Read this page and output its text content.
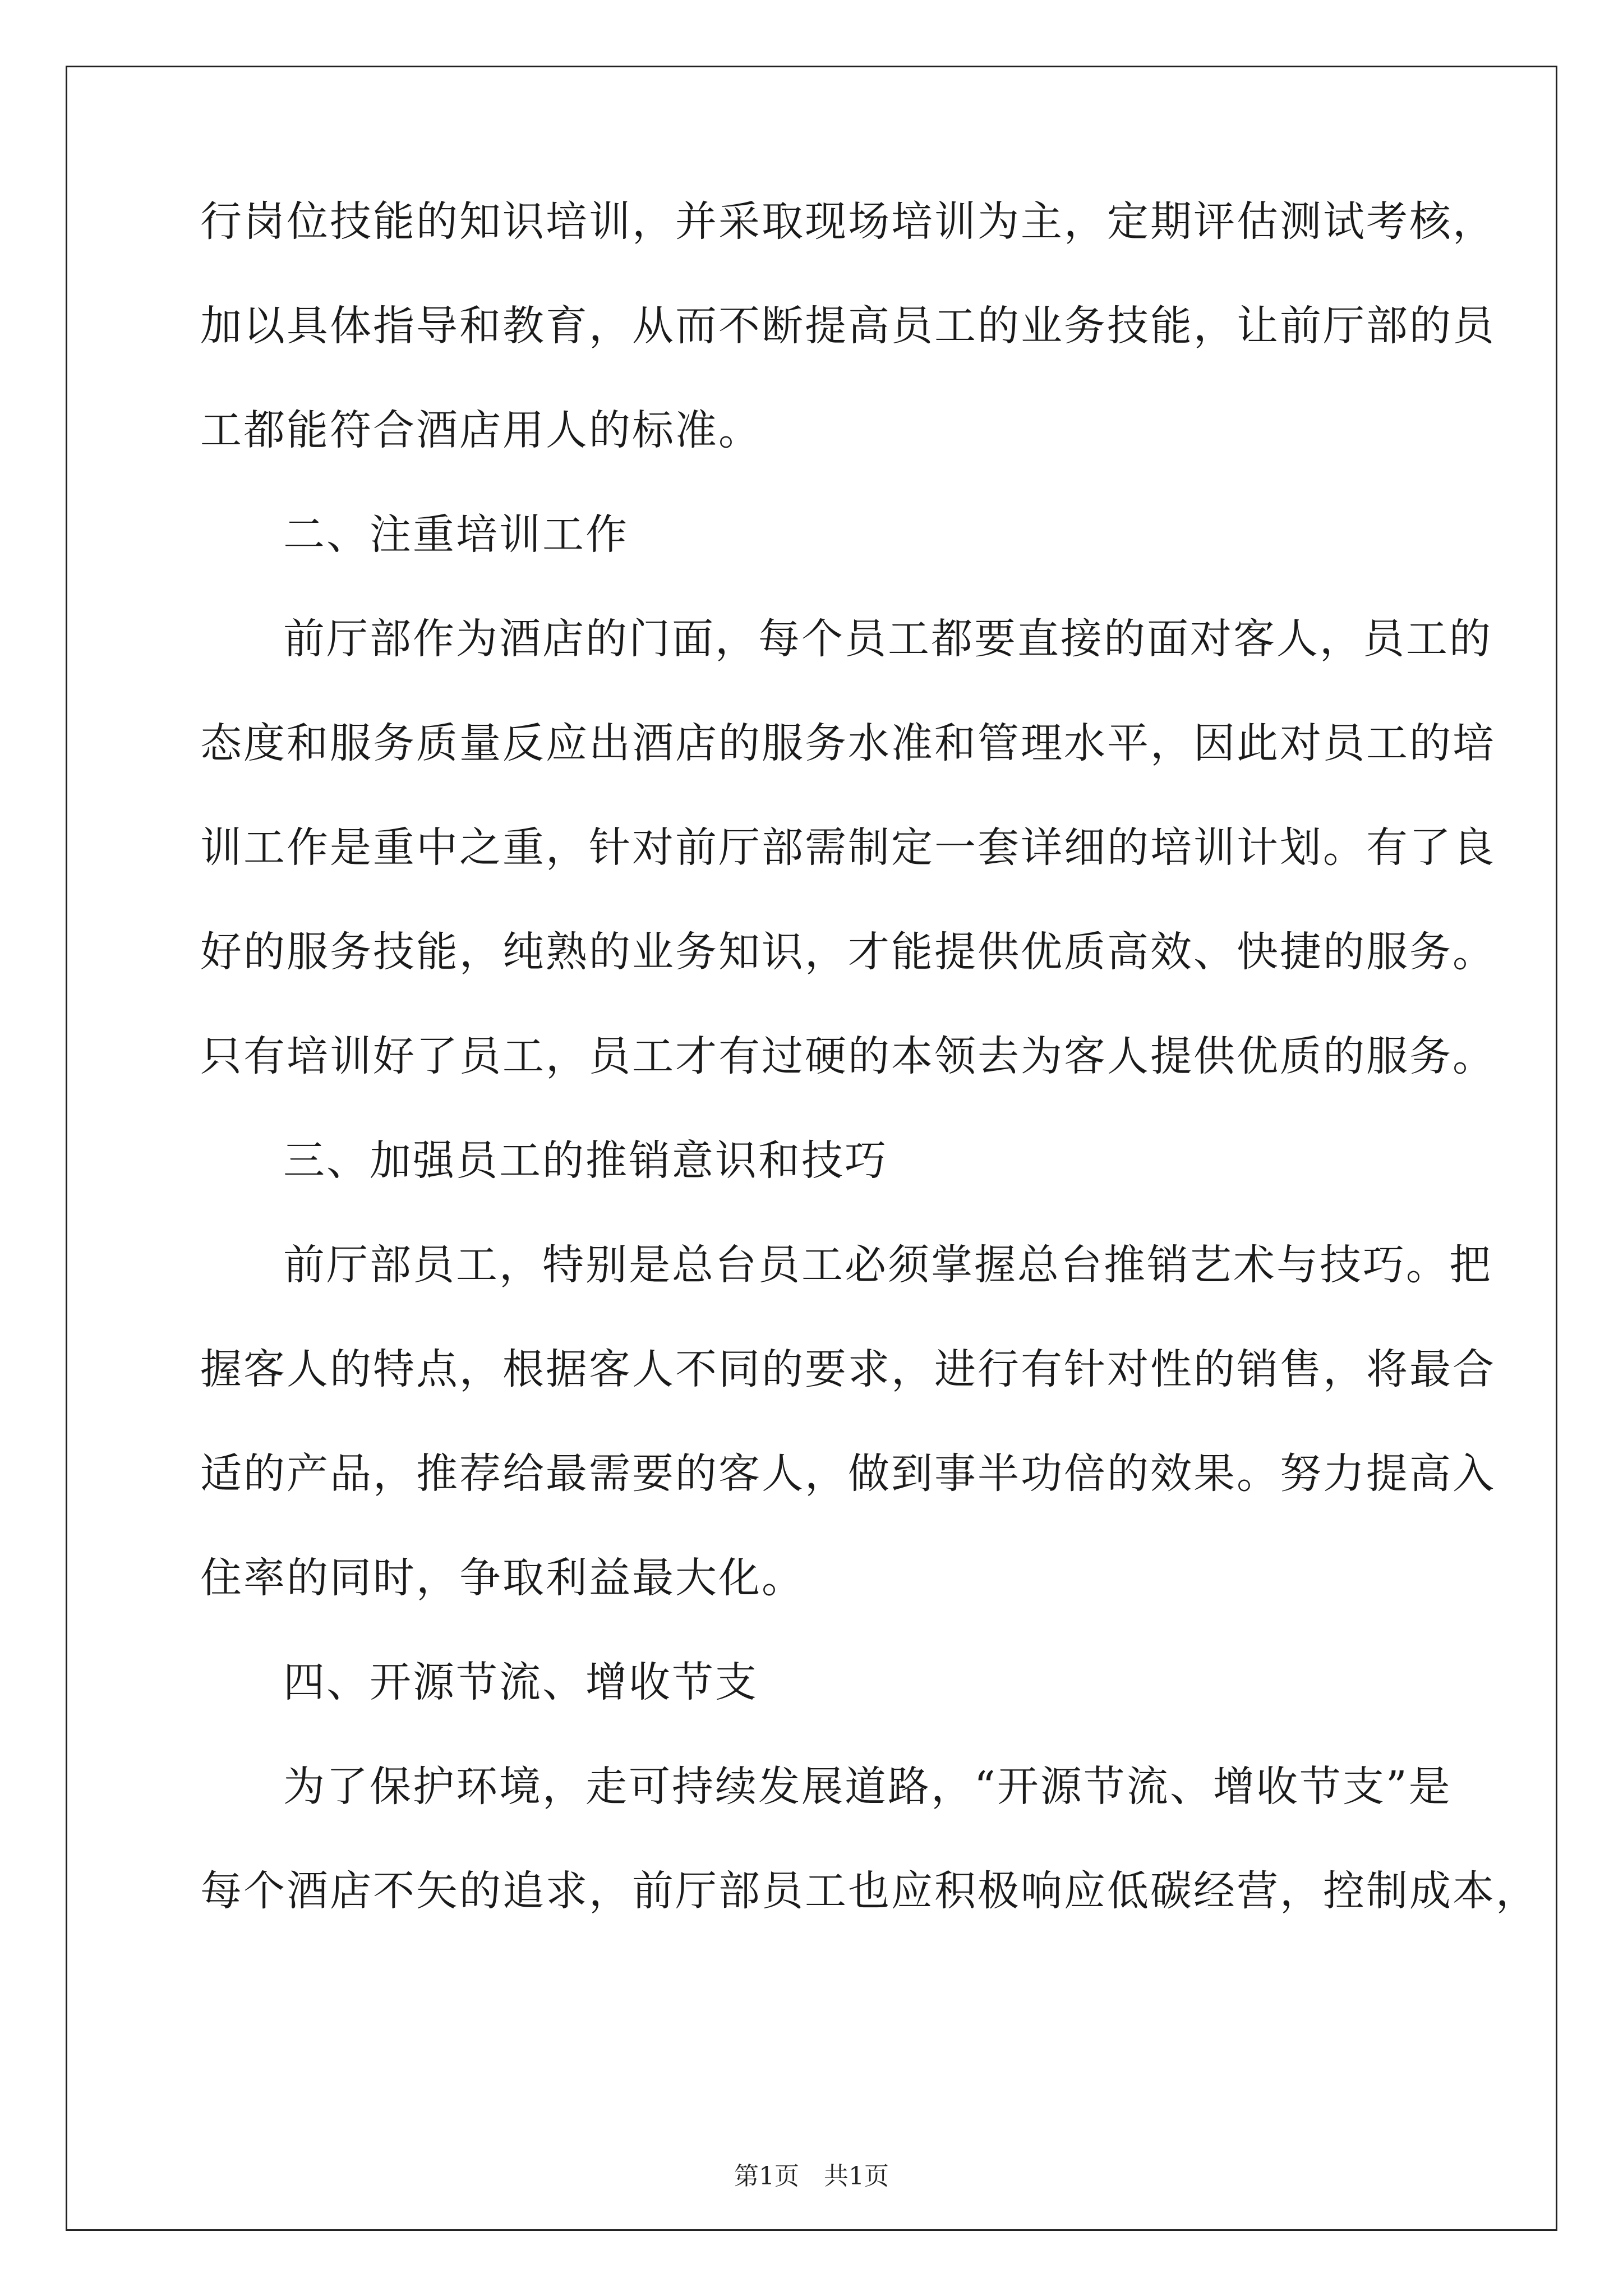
行岗位技能的知识培训，并采取现场培训为主，定期评估测试考核，
加以具体指导和教育，从而不断提高员工的业务技能，让前厅部的员
工都能符合酒店用人的标准。
二、注重培训工作
前厅部作为酒店的门面，每个员工都要直接的面对客人，员工的
态度和服务质量反应出酒店的服务水准和管理水平，因此对员工的培
训工作是重中之重，针对前厅部需制定一套详细的培训计划。有了良
好的服务技能，纯熟的业务知识，才能提供优质高效、快捷的服务。
只有培训好了员工，员工才有过硬的本领去为客人提供优质的服务。
三、加强员工的推销意识和技巧
前厅部员工，特别是总台员工必须掌握总台推销艺术与技巧。把
握客人的特点，根据客人不同的要求，进行有针对性的销售，将最合
适的产品，推荐给最需要的客人，做到事半功倍的效果。努力提高入
住率的同时，争取利益最大化。
四、开源节流、增收节支
为了保护环境，走可持续发展道路，“开源节流、增收节支”是
每个酒店不矢的追求，前厅部员工也应积极响应低碳经营，控制成本，
第1页　共1页
